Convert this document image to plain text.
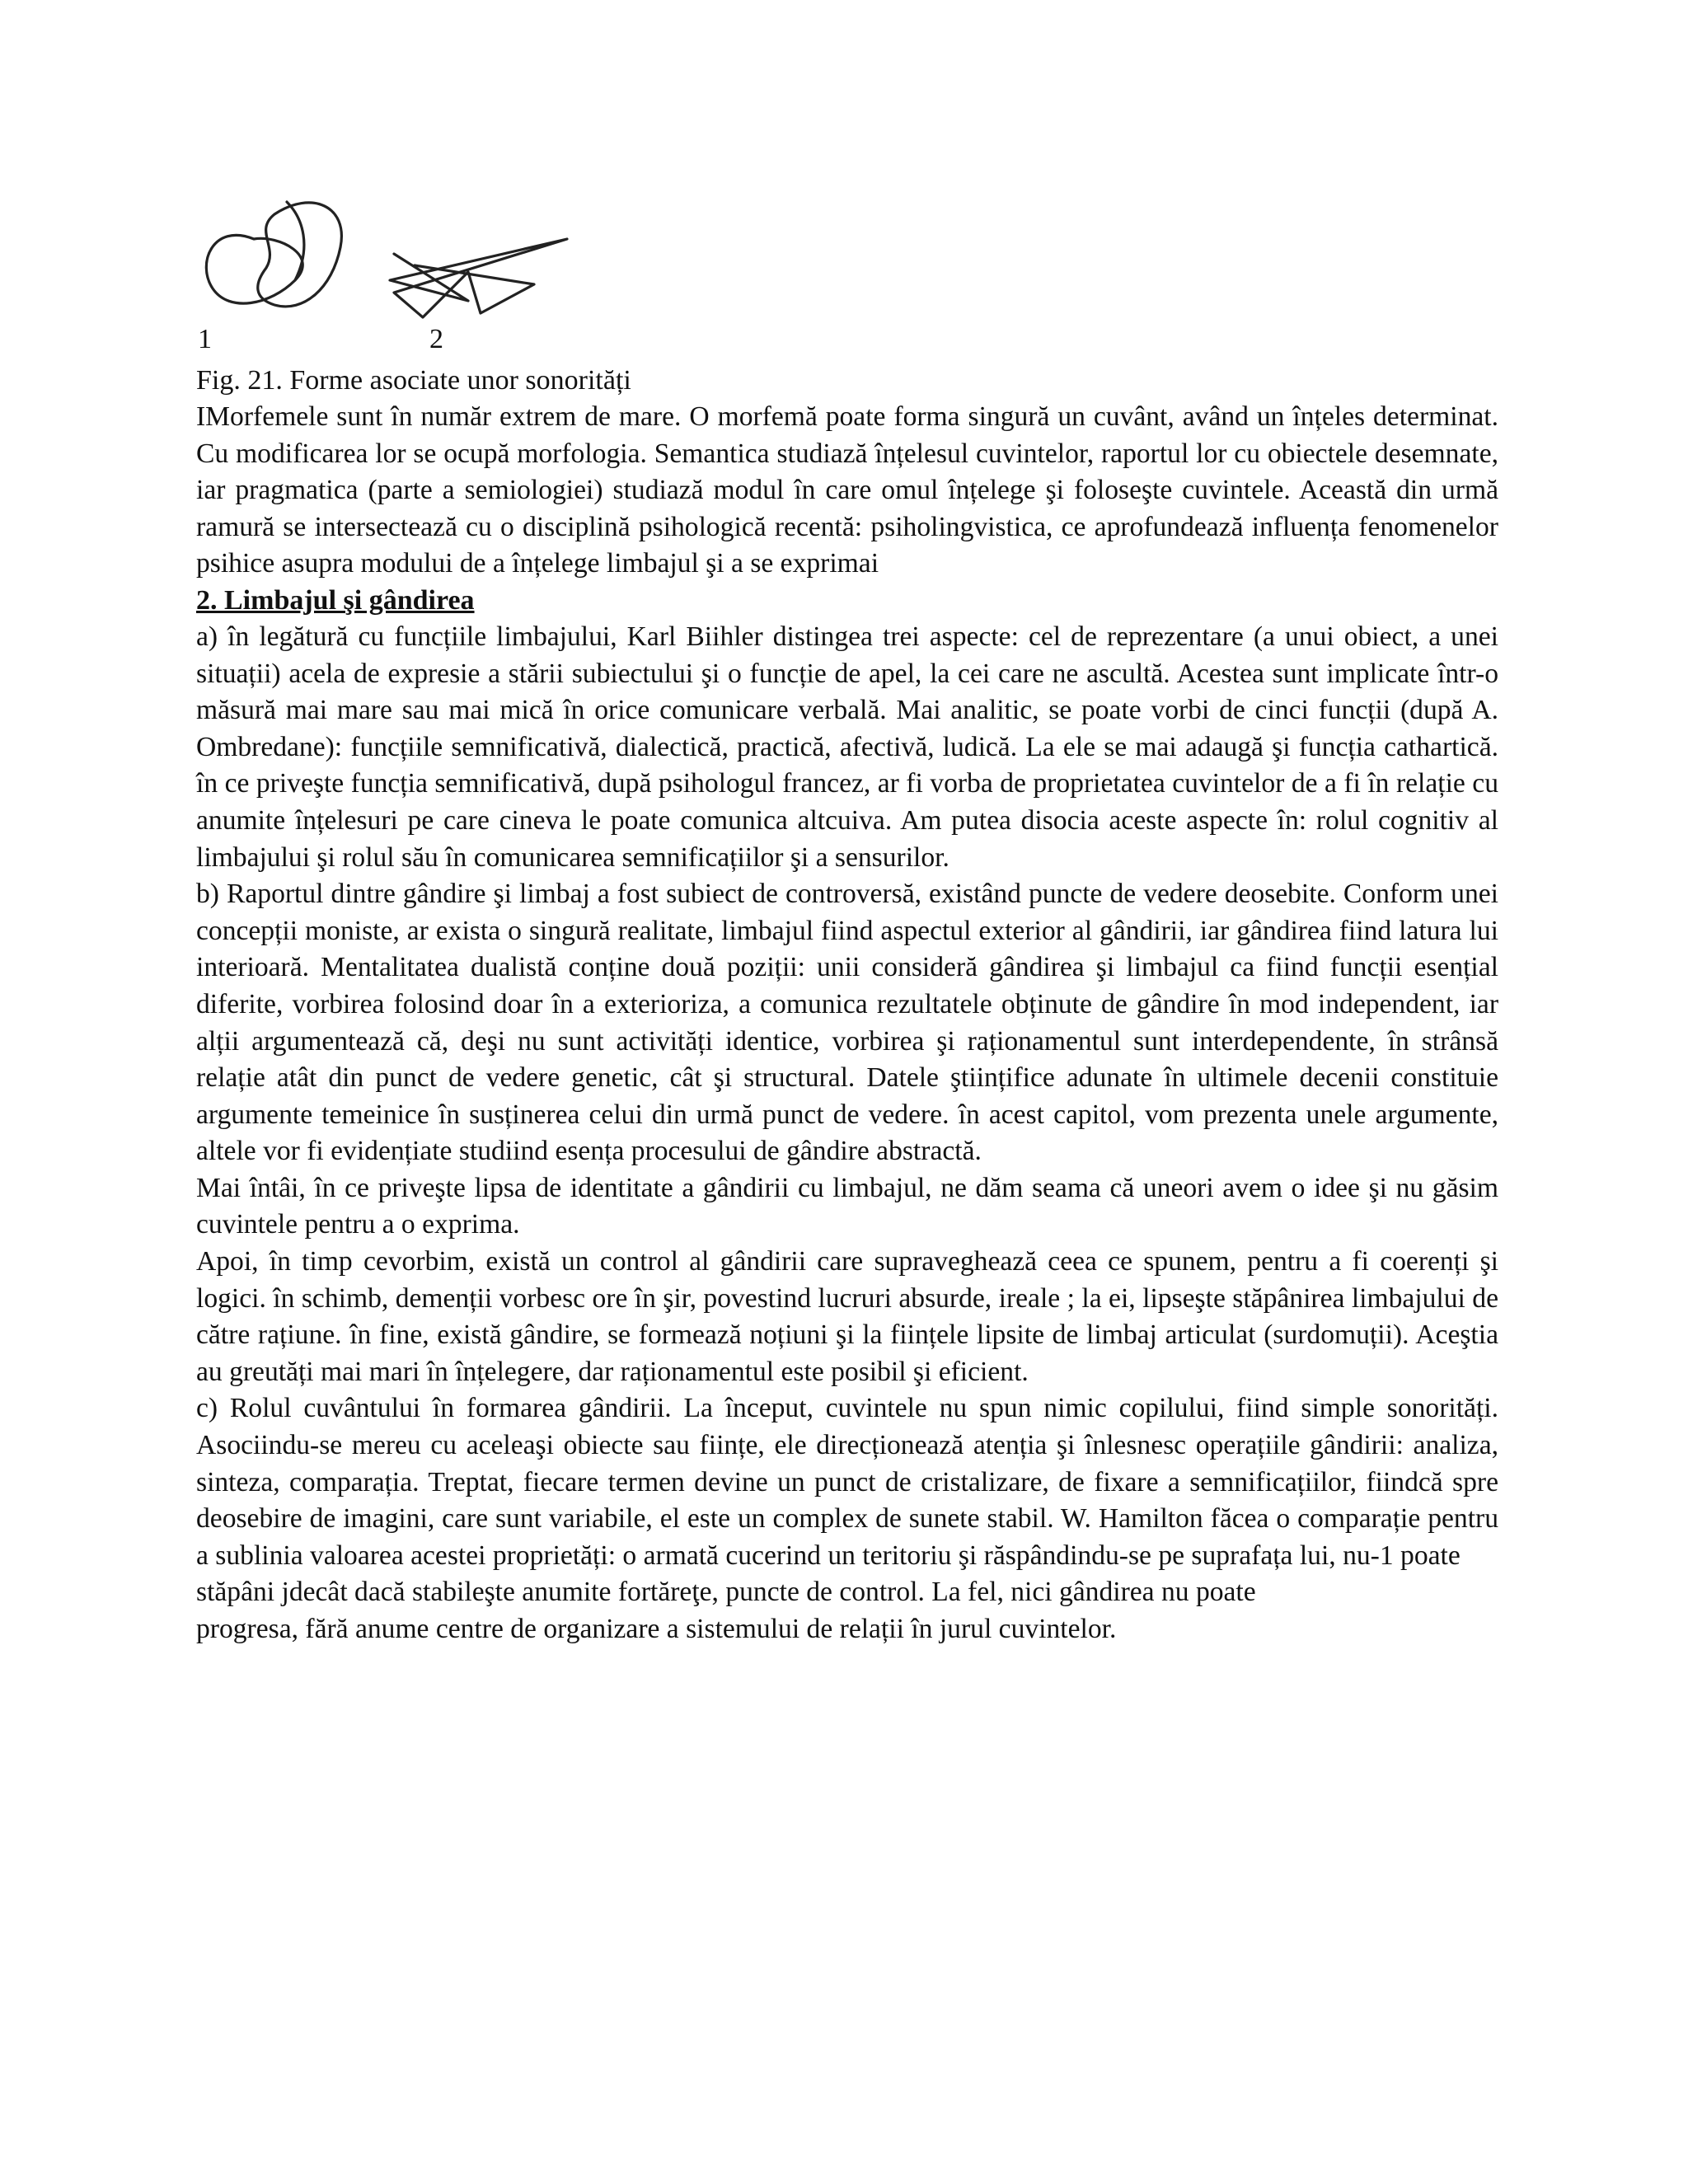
1	2

Fig. 21. Forme asociate unor sonorități

IMorfemele sunt în număr extrem de mare. O morfemă poate forma singură un cuvânt, având un înțeles determinat. Cu modificarea lor se ocupă morfologia. Semantica studiază înțelesul cuvintelor, raportul lor cu obiectele desemnate, iar pragmatica (parte a semiologiei) studiază modul în care omul înțelege şi foloseşte cuvintele. Această din urmă ramură se intersectează cu o disciplină psihologică recentă: psiholingvistica, ce aprofundează influența fenomenelor psihice asupra modului de a înțelege limbajul şi a se exprimai

2. Limbajul şi gândirea

a) în legătură cu funcțiile limbajului, Karl Biihler distingea trei aspecte: cel de reprezentare (a unui obiect, a unei situații) acela de expresie a stării subiectului şi o funcție de apel, la cei care ne ascultă. Acestea sunt implicate într-o măsură mai mare sau mai mică în orice comunicare verbală. Mai analitic, se poate vorbi de cinci funcții (după A. Ombredane): funcțiile semnificativă, dialectică, practică, afectivă, ludică. La ele se mai adaugă şi funcția cathartică. în ce priveşte funcția semnificativă, după psihologul francez, ar fi vorba de proprietatea cuvintelor de a fi în relație cu anumite înțelesuri pe care cineva le poate comunica altcuiva. Am putea disocia aceste aspecte în: rolul cognitiv al limbajului şi rolul său în comunicarea semnificațiilor şi a sensurilor.

b) Raportul dintre gândire şi limbaj a fost subiect de controversă, existând puncte de vedere deosebite. Conform unei concepții moniste, ar exista o singură realitate, limbajul fiind aspectul exterior al gândirii, iar gândirea fiind latura lui interioară. Mentalitatea dualistă conține două poziții: unii consideră gândirea şi limbajul ca fiind funcții esențial diferite, vorbirea folosind doar în a exterioriza, a comunica rezultatele obținute de gândire în mod independent, iar alții argumentează că, deşi nu sunt activități identice, vorbirea şi raționamentul sunt interdependente, în strânsă relație atât din punct de vedere genetic, cât şi structural. Datele ştiințifice adunate în ultimele decenii constituie argumente temeinice în susținerea celui din urmă punct de vedere. în acest capitol, vom prezenta unele argumente, altele vor fi evidențiate studiind esența procesului de gândire abstractă.

Mai întâi, în ce priveşte lipsa de identitate a gândirii cu limbajul, ne dăm seama că uneori avem o idee şi nu găsim cuvintele pentru a o exprima.

Apoi, în timp cevorbim, există un control al gândirii care supraveghează ceea ce spunem, pentru a fi coerenți şi logici. în schimb, demenții vorbesc ore în şir, povestind lucruri absurde, ireale ; la ei, lipseşte stăpânirea limbajului de către rațiune. în fine, există gândire, se formează noțiuni şi la ființele lipsite de limbaj articulat (surdomuții). Aceştia au greutăți mai mari în înțelegere, dar raționamentul este posibil şi eficient.

c) Rolul cuvântului în formarea gândirii. La început, cuvintele nu spun nimic copilului, fiind simple sonorități. Asociindu-se mereu cu aceleaşi obiecte sau ființe, ele direcționează atenția şi înlesnesc operațiile gândirii: analiza, sinteza, comparația. Treptat, fiecare termen devine un punct de cristalizare, de fixare a semnificațiilor, fiindcă spre deosebire de imagini, care sunt variabile, el este un complex de sunete stabil. W. Hamilton făcea o comparație pentru a sublinia valoarea acestei proprietăți: o armată cucerind un teritoriu şi răspândindu-se pe suprafața lui, nu-1 poate

stăpâni jdecât dacă stabileşte anumite fortăreţe, puncte de control. La fel, nici gândirea nu poate

progresa, fără anume centre de organizare a sistemului de relații în jurul cuvintelor.
